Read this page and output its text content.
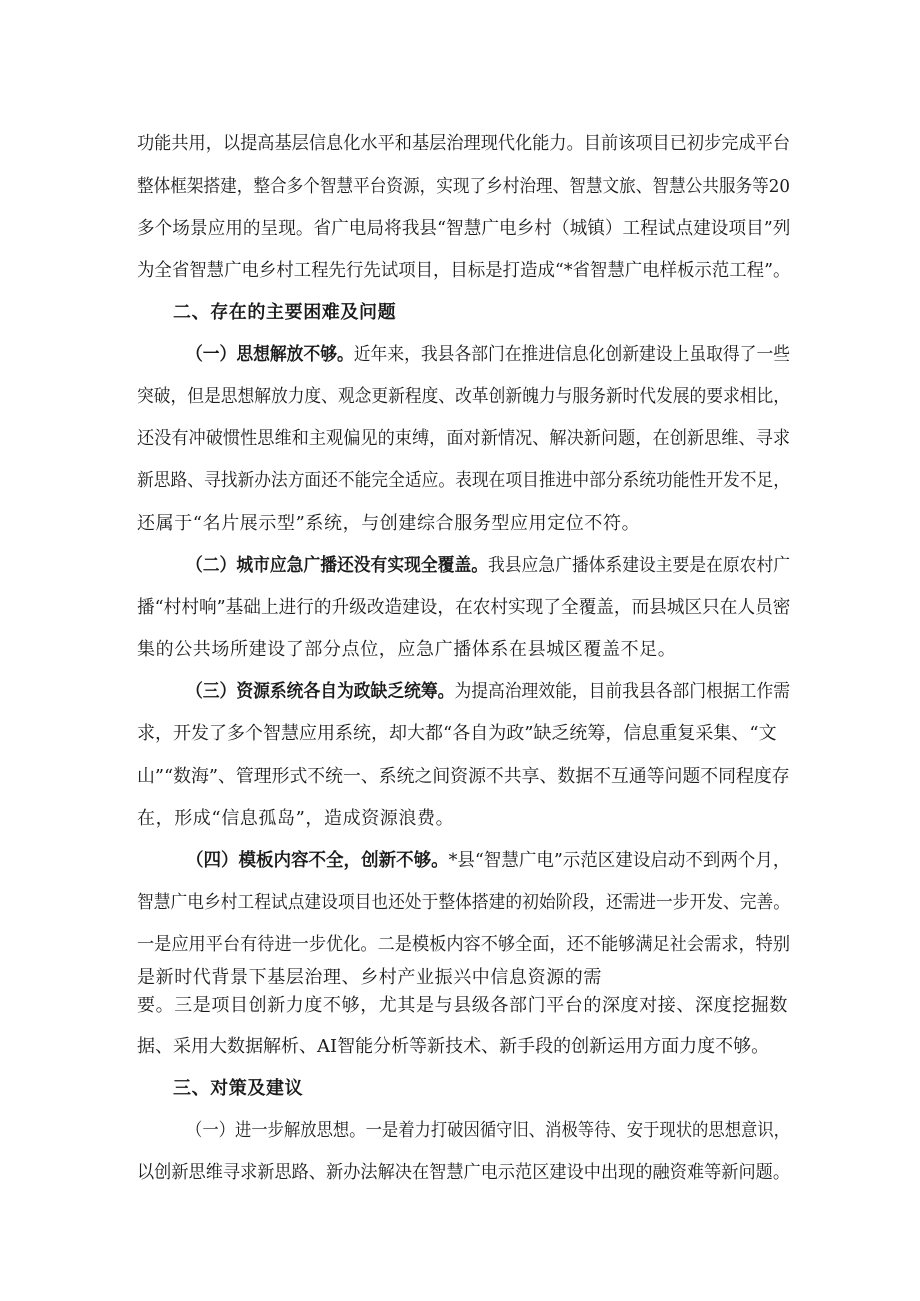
功能共用，以提高基层信息化水平和基层治理现代化能力。目前该项目已初步完成平台
整体框架搭建，整合多个智慧平台资源，实现了乡村治理、智慧文旅、智慧公共服务等20
多个场景应用的呈现。省广电局将我县“智慧广电乡村（城镇）工程试点建设项目”列
为全省智慧广电乡村工程先行先试项目，目标是打造成“*省智慧广电样板示范工程”。
二、存在的主要困难及问题
（一）思想解放不够。近年来，我县各部门在推进信息化创新建设上虽取得了一些
突破，但是思想解放力度、观念更新程度、改革创新魄力与服务新时代发展的要求相比，
还没有冲破惯性思维和主观偏见的束缚，面对新情况、解决新问题，在创新思维、寻求
新思路、寻找新办法方面还不能完全适应。表现在项目推进中部分系统功能性开发不足，
还属于“名片展示型”系统，与创建综合服务型应用定位不符。
（二）城市应急广播还没有实现全覆盖。我县应急广播体系建设主要是在原农村广
播“村村响”基础上进行的升级改造建设，在农村实现了全覆盖，而县城区只在人员密
集的公共场所建设了部分点位，应急广播体系在县城区覆盖不足。
（三）资源系统各自为政缺乏统筹。为提高治理效能，目前我县各部门根据工作需
求，开发了多个智慧应用系统，却大都“各自为政”缺乏统筹，信息重复采集、“文
山”“数海”、管理形式不统一、系统之间资源不共享、数据不互通等问题不同程度存
在，形成“信息孤岛”，造成资源浪费。
（四）模板内容不全，创新不够。*县“智慧广电”示范区建设启动不到两个月，
智慧广电乡村工程试点建设项目也还处于整体搭建的初始阶段，还需进一步开发、完善。
一是应用平台有待进一步优化。二是模板内容不够全面，还不能够满足社会需求，特别
是新时代背景下基层治理、乡村产业振兴中信息资源的需
要。三是项目创新力度不够，尤其是与县级各部门平台的深度对接、深度挖掘数
据、采用大数据解析、AI智能分析等新技术、新手段的创新运用方面力度不够。
三、对策及建议
（一）进一步解放思想。一是着力打破因循守旧、消极等待、安于现状的思想意识，
以创新思维寻求新思路、新办法解决在智慧广电示范区建设中出现的融资难等新问题。
